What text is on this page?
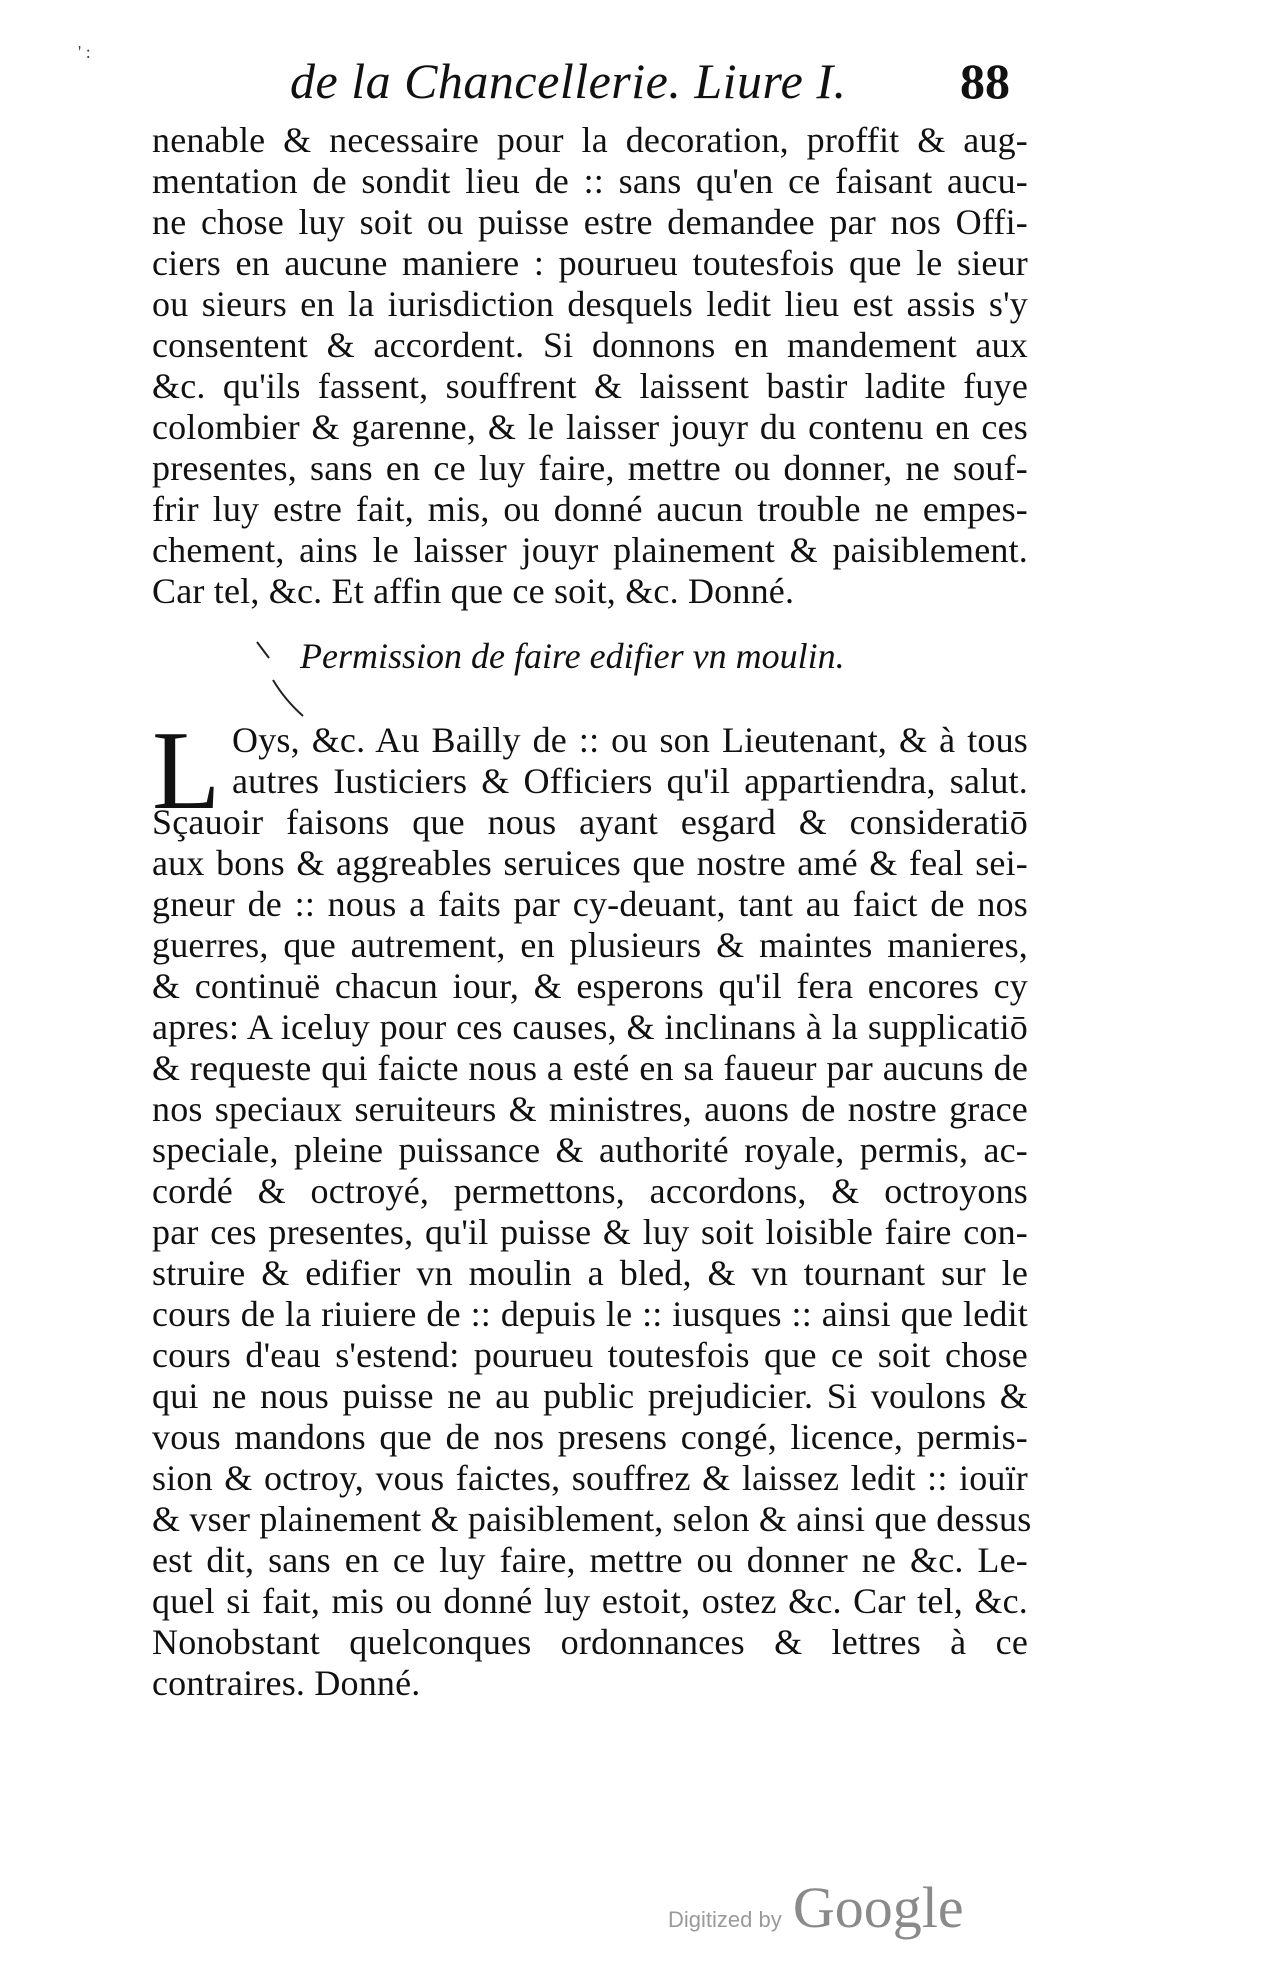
' :
de la Chancellerie. Liure I. 88
nenable & necessaire pour la decoration, proffit & aug-
mentation de sondit lieu de :: sans qu'en ce faisant aucu-
ne chose luy soit ou puisse estre demandee par nos Offi-
ciers en aucune maniere : pourueu toutesfois que le sieur
ou sieurs en la iurisdiction desquels ledit lieu est assis s'y
consentent & accordent. Si donnons en mandement aux
&c. qu'ils fassent, souffrent & laissent bastir ladite fuye
colombier & garenne, & le laisser jouyr du contenu en ces
presentes, sans en ce luy faire, mettre ou donner, ne souf-
frir luy estre fait, mis, ou donné aucun trouble ne empes-
chement, ains le laisser jouyr plainement & paisiblement.
Car tel, &c. Et affin que ce soit, &c. Donné.
Permission de faire edifier vn moulin.
L Oys, &c. Au Bailly de :: ou son Lieutenant, & à tous
autres Iusticiers & Officiers qu'il appartiendra, salut.
Sçauoir faisons que nous ayant esgard & consideratiō
aux bons & aggreables seruices que nostre amé & feal sei-
gneur de :: nous a faits par cy-deuant, tant au faict de nos
guerres, que autrement, en plusieurs & maintes manieres,
& continuë chacun iour, & esperons qu'il fera encores cy
apres: A iceluy pour ces causes, & inclinans à la supplicatiō
& requeste qui faicte nous a esté en sa faueur par aucuns de
nos speciaux seruiteurs & ministres, auons de nostre grace
speciale, pleine puissance & authorité royale, permis, ac-
cordé & octroyé, permettons, accordons, & octroyons
par ces presentes, qu'il puisse & luy soit loisible faire con-
struire & edifier vn moulin a bled, & vn tournant sur le
cours de la riuiere de :: depuis le :: iusques :: ainsi que ledit
cours d'eau s'estend: pourueu toutesfois que ce soit chose
qui ne nous puisse ne au public prejudicier. Si voulons &
vous mandons que de nos presens congé, licence, permis-
sion & octroy, vous faictes, souffrez & laissez ledit :: iouïr
& vser plainement & paisiblement, selon & ainsi que dessus
est dit, sans en ce luy faire, mettre ou donner ne &c. Le-
quel si fait, mis ou donné luy estoit, ostez &c. Car tel, &c.
Nonobstant quelconques ordonnances & lettres à ce
contraires. Donné.
Digitized by Google
